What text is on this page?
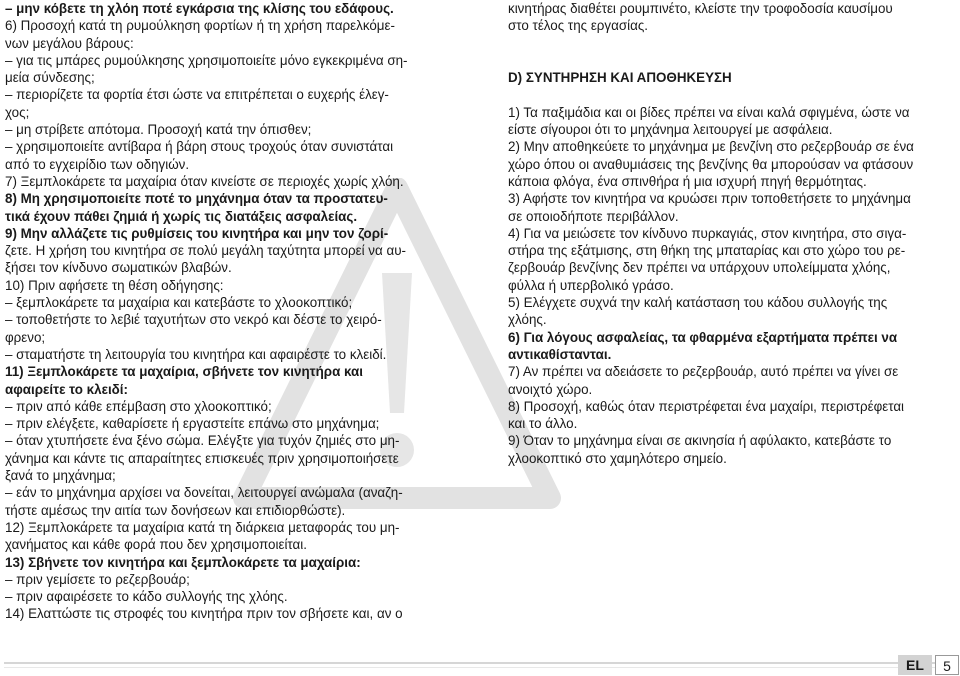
– μην κόβετε τη χλόη ποτέ εγκάρσια της κλίσης του εδάφους.
6) Προσοχή κατά τη ρυμούλκηση φορτίων ή τη χρήση παρελκόμε-
νων μεγάλου βάρους:
– για τις μπάρες ρυμούλκησης χρησιμοποιείτε μόνο εγκεκριμένα ση-
μεία σύνδεσης;
– περιορίζετε τα φορτία έτσι ώστε να επιτρέπεται ο ευχερής έλεγ-
χος;
– μη στρίβετε απότομα. Προσοχή κατά την όπισθεν;
– χρησιμοποιείτε αντίβαρα ή βάρη στους τροχούς όταν συνιστάται
από το εγχειρίδιο των οδηγιών.
7) Ξεμπλοκάρετε τα μαχαίρια όταν κινείστε σε περιοχές χωρίς χλόη.
8) Μη χρησιμοποιείτε ποτέ το μηχάνημα όταν τα προστατευ-
τικά έχουν πάθει ζημιά ή χωρίς τις διατάξεις ασφαλείας.
9) Μην αλλάζετε τις ρυθμίσεις του κινητήρα και μην τον ζορί-
ζετε. Η χρήση του κινητήρα σε πολύ μεγάλη ταχύτητα μπορεί να αυ-
ξήσει τον κίνδυνο σωματικών βλαβών.
10) Πριν αφήσετε τη θέση οδήγησης:
– ξεμπλοκάρετε τα μαχαίρια και κατεβάστε το χλοοκοπτικό;
– τοποθετήστε το λεβιέ ταχυτήτων στο νεκρό και δέστε το χειρό-
φρενο;
– σταματήστε τη λειτουργία του κινητήρα και αφαιρέστε το κλειδί.
11) Ξεμπλοκάρετε τα μαχαίρια, σβήνετε τον κινητήρα και
αφαιρείτε το κλειδί:
– πριν από κάθε επέμβαση στο χλοοκοπτικό;
– πριν ελέγξετε, καθαρίσετε ή εργαστείτε επάνω στο μηχάνημα;
– όταν χτυπήσετε ένα ξένο σώμα. Ελέγξτε για τυχόν ζημιές στο μη-
χάνημα και κάντε τις απαραίτητες επισκευές πριν χρησιμοποιήσετε
ξανά το μηχάνημα;
– εάν το μηχάνημα αρχίσει να δονείται, λειτουργεί ανώμαλα (αναζη-
τήστε αμέσως την αιτία των δονήσεων και επιδιορθώστε).
12) Ξεμπλοκάρετε τα μαχαίρια κατά τη διάρκεια μεταφοράς του μη-
χανήματος και κάθε φορά που δεν χρησιμοποιείται.
13) Σβήνετε τον κινητήρα και ξεμπλοκάρετε τα μαχαίρια:
– πριν γεμίσετε το ρεζερβουάρ;
– πριν αφαιρέσετε το κάδο συλλογής της χλόης.
14) Ελαττώστε τις στροφές του κινητήρα πριν τον σβήσετε και, αν ο
κινητήρας διαθέτει ρουμπινέτο, κλείστε την τροφοδοσία καυσίμου
στο τέλος της εργασίας.
D) ΣΥΝΤΗΡΗΣΗ ΚΑΙ ΑΠΟΘΗΚΕΥΣΗ
1) Τα παξιμάδια και οι βίδες πρέπει να είναι καλά σφιγμένα, ώστε να
είστε σίγουροι ότι το μηχάνημα λειτουργεί με ασφάλεια.
2) Μην αποθηκεύετε το μηχάνημα με βενζίνη στο ρεζερβουάρ σε ένα
χώρο όπου οι αναθυμιάσεις της βενζίνης θα μπορούσαν να φτάσουν
κάποια φλόγα, ένα σπινθήρα ή μια ισχυρή πηγή θερμότητας.
3) Αφήστε τον κινητήρα να κρυώσει πριν τοποθετήσετε το μηχάνημα
σε οποιοδήποτε περιβάλλον.
4) Για να μειώσετε τον κίνδυνο πυρκαγιάς, στον κινητήρα, στο σιγα-
στήρα της εξάτμισης, στη θήκη της μπαταρίας και στο χώρο του ρε-
ζερβουάρ βενζίνης δεν πρέπει να υπάρχουν υπολείμματα χλόης,
φύλλα ή υπερβολικό γράσο.
5) Ελέγχετε συχνά την καλή κατάσταση του κάδου συλλογής της
χλόης.
6) Για λόγους ασφαλείας, τα φθαρμένα εξαρτήματα πρέπει να
αντικαθίστανται.
7) Αν πρέπει να αδειάσετε το ρεζερβουάρ, αυτό πρέπει να γίνει σε
ανοιχτό χώρο.
8) Προσοχή, καθώς όταν περιστρέφεται ένα μαχαίρι, περιστρέφεται
και το άλλο.
9) Όταν το μηχάνημα είναι σε ακινησία ή αφύλακτο, κατεβάστε το
χλοοκοπτικό στο χαμηλότερο σημείο.
EL	5
